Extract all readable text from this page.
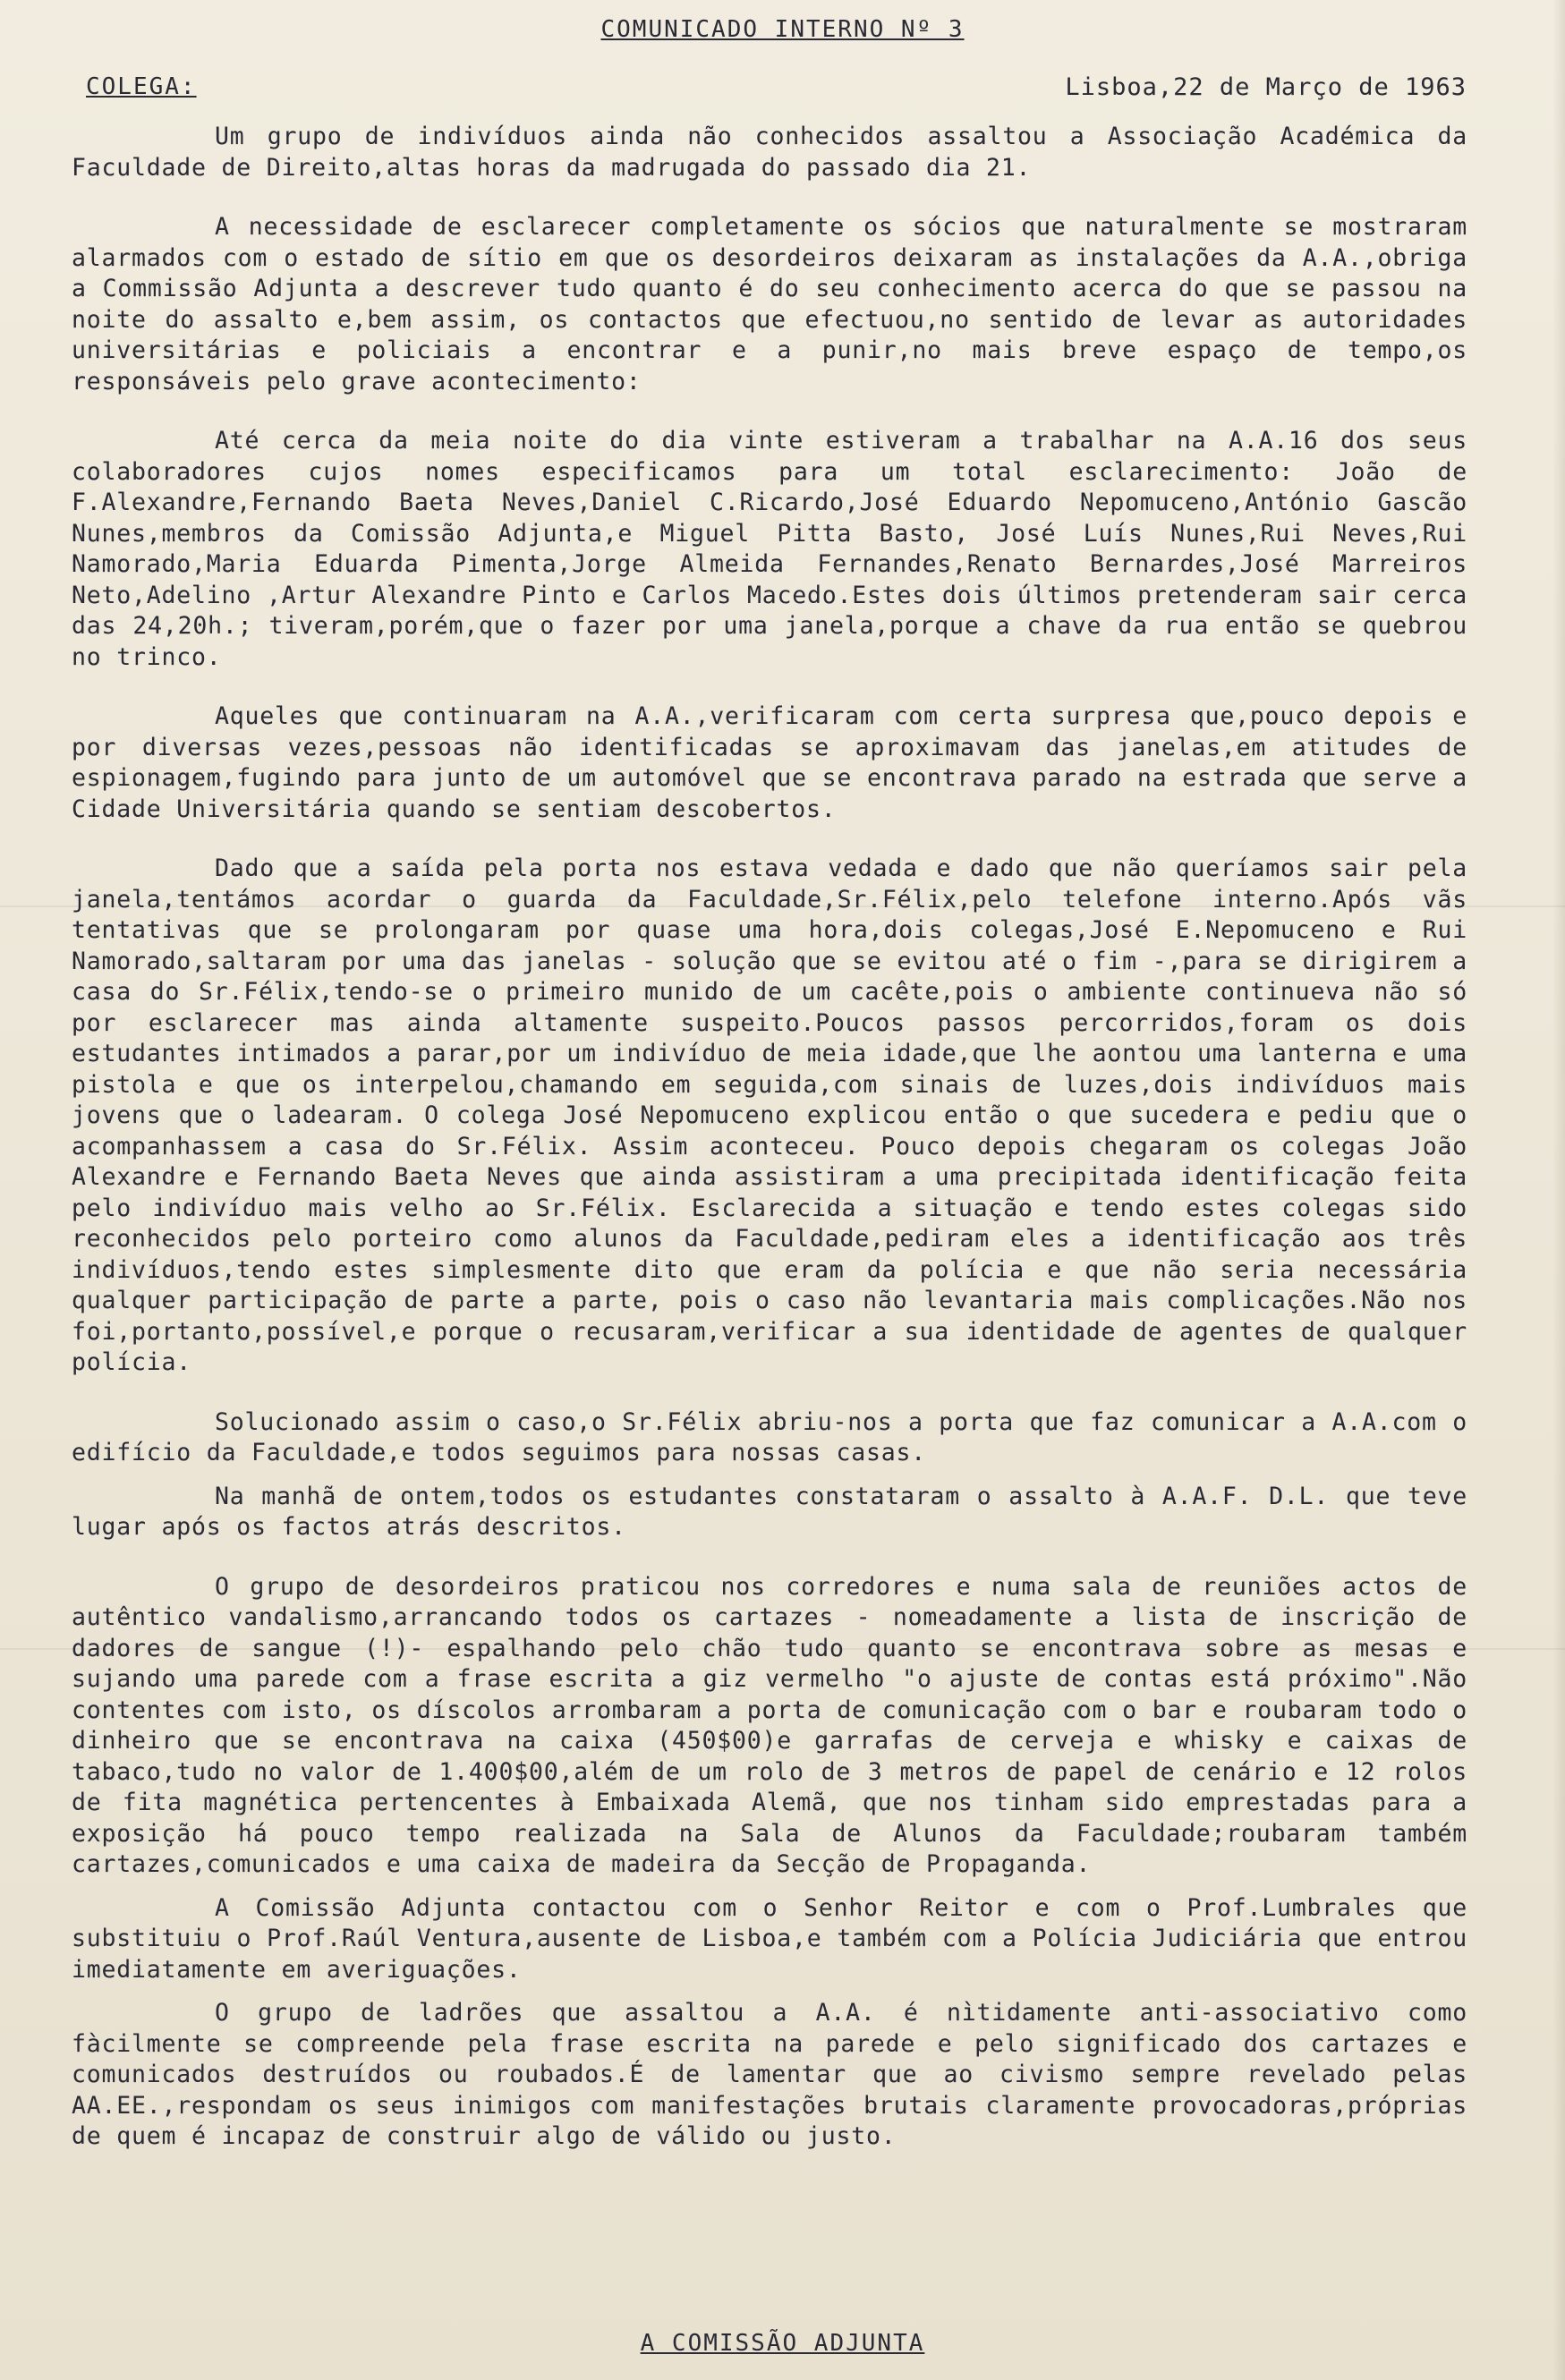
COMUNICADO INTERNO Nº 3
COLEGA:	Lisboa,22 de Março de 1963

Um grupo de indivíduos ainda não conhecidos assaltou a Associação Académica da Faculdade de Direito,altas horas da madrugada do passado dia 21.

A necessidade de esclarecer completamente os sócios que naturalmente se mostraram alarmados com o estado de sítio em que os desordeiros deixaram as instalações da A.A.,obriga a Commissão Adjunta a descrever tudo quanto é do seu conhecimento acerca do que se passou na noite do assalto e,bem assim, os contactos que efectuou,no sentido de levar as autoridades universitárias e policiais a encontrar e a punir,no mais breve espaço de tempo,os responsáveis pelo grave acontecimento:

Até cerca da meia noite do dia vinte estiveram a trabalhar na A.A.16 dos seus colaboradores cujos nomes especificamos para um total esclarecimento: João de F.Alexandre,Fernando Baeta Neves,Daniel C.Ricardo,José Eduardo Nepomuceno,António Gascão Nunes,membros da Comissão Adjunta,e Miguel Pitta Basto, José Luís Nunes,Rui Neves,Rui Namorado,Maria Eduarda Pimenta,Jorge Almeida Fernandes,Renato Bernardes,José Marreiros Neto,Adelino ,Artur Alexandre Pinto e Carlos Macedo.Estes dois últimos pretenderam sair cerca das 24,20h.; tiveram,porém,que o fazer por uma janela,porque a chave da rua então se quebrou no trinco.

Aqueles que continuaram na A.A.,verificaram com certa surpresa que,pouco depois e por diversas vezes,pessoas não identificadas se aproximavam das janelas,em atitudes de espionagem,fugindo para junto de um automóvel que se encontrava parado na estrada que serve a Cidade Universitária quando se sentiam descobertos.

Dado que a saída pela porta nos estava vedada e dado que não queríamos sair pela janela,tentámos acordar o guarda da Faculdade,Sr.Félix,pelo telefone interno.Após vãs tentativas que se prolongaram por quase uma hora,dois colegas,José E.Nepomuceno e Rui Namorado,saltaram por uma das janelas - solução que se evitou até o fim -,para se dirigirem a casa do Sr.Félix,tendo-se o primeiro munido de um cacête,pois o ambiente continueva não só por esclarecer mas ainda altamente suspeito.Poucos passos percorridos,foram os dois estudantes intimados a parar,por um indivíduo de meia idade,que lhe aontou uma lanterna e uma pistola e que os interpelou,chamando em seguida,com sinais de luzes,dois indivíduos mais jovens que o ladearam. O colega José Nepomuceno explicou então o que sucedera e pediu que o acompanhassem a casa do Sr.Félix. Assim aconteceu. Pouco depois chegaram os colegas João Alexandre e Fernando Baeta Neves que ainda assistiram a uma precipitada identificação feita pelo indivíduo mais velho ao Sr.Félix. Esclarecida a situação e tendo estes colegas sido reconhecidos pelo porteiro como alunos da Faculdade,pediram eles a identificação aos três indivíduos,tendo estes simplesmente dito que eram da polícia e que não seria necessária qualquer participação de parte a parte, pois o caso não levantaria mais complicações.Não nos foi,portanto,possível,e porque o recusaram,verificar a sua identidade de agentes de qualquer polícia.

Solucionado assim o caso,o Sr.Félix abriu-nos a porta que faz comunicar a A.A.com o edifício da Faculdade,e todos seguimos para nossas casas.

Na manhã de ontem,todos os estudantes constataram o assalto à A.A.F. D.L. que teve lugar após os factos atrás descritos.

O grupo de desordeiros praticou nos corredores e numa sala de reuniões actos de autêntico vandalismo,arrancando todos os cartazes - nomeadamente a lista de inscrição de dadores de sangue (!)- espalhando pelo chão tudo quanto se encontrava sobre as mesas e sujando uma parede com a frase escrita a giz vermelho "o ajuste de contas está próximo".Não contentes com isto, os díscolos arrombaram a porta de comunicação com o bar e roubaram todo o dinheiro que se encontrava na caixa (450$00)e garrafas de cerveja e whisky e caixas de tabaco,tudo no valor de 1.400$00,além de um rolo de 3 metros de papel de cenário e 12 rolos de fita magnética pertencentes à Embaixada Alemã, que nos tinham sido emprestadas para a exposição há pouco tempo realizada na Sala de Alunos da Faculdade;roubaram também cartazes,comunicados e uma caixa de madeira da Secção de Propaganda.

A Comissão Adjunta contactou com o Senhor Reitor e com o Prof.Lumbrales que substituiu o Prof.Raúl Ventura,ausente de Lisboa,e também com a Polícia Judiciária que entrou imediatamente em averiguações.

O grupo de ladrões que assaltou a A.A. é nìtidamente anti-associativo como fàcilmente se compreende pela frase escrita na parede e pelo significado dos cartazes e comunicados destruídos ou roubados.É de lamentar que ao civismo sempre revelado pelas AA.EE.,respondam os seus inimigos com manifestações brutais claramente provocadoras,próprias de quem é incapaz de construir algo de válido ou justo.

A COMISSÃO ADJUNTA
